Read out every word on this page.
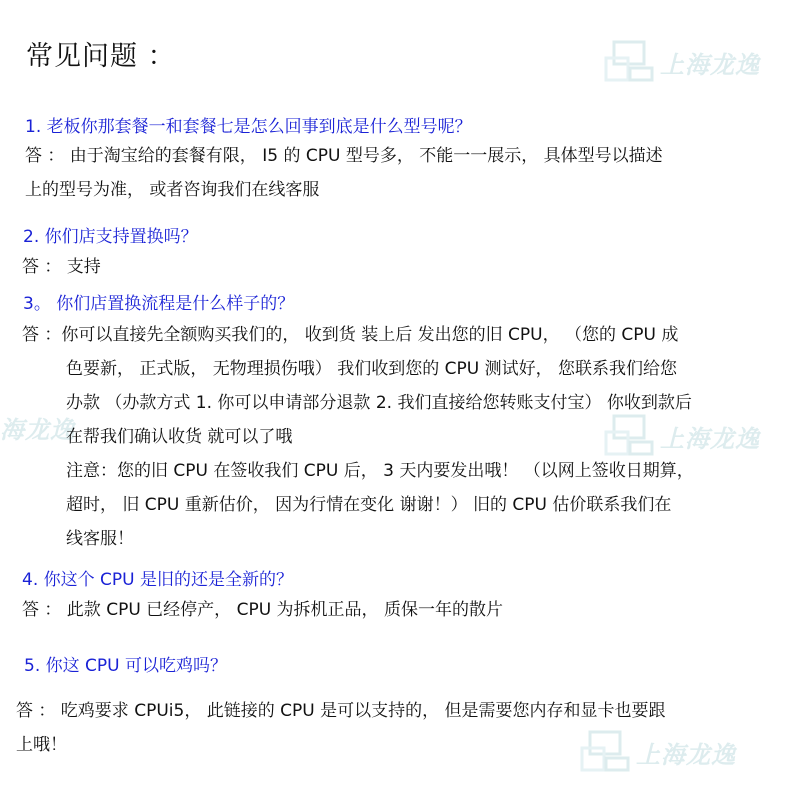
上海龙逸
海龙逸	上海龙逸
上海龙逸
常见问题 ：
1. 老板你那套餐一和套餐七是怎么回事到底是什么型号呢？
答 ： 由于淘宝给的套餐有限， I5 的 CPU 型号多， 不能一一展示， 具体型号以描述
上的型号为准， 或者咨询我们在线客服
2. 你们店支持置换吗？
答 ： 支持
3。 你们店置换流程是什么样子的？
答 ：你可以直接先全额购买我们的， 收到货 装上后 发出您的旧 CPU， （您的 CPU 成
色要新， 正式版， 无物理损伤哦） 我们收到您的 CPU 测试好， 您联系我们给您
办款 （办款方式 1. 你可以申请部分退款 2. 我们直接给您转账支付宝） 你收到款后
在帮我们确认收货 就可以了哦
注意：您的旧 CPU 在签收我们 CPU 后， 3 天内要发出哦！ （以网上签收日期算，
超时， 旧 CPU 重新估价， 因为行情在变化 谢谢！） 旧的 CPU 估价联系我们在
线客服！
4. 你这个 CPU 是旧的还是全新的？
答 ： 此款 CPU 已经停产， CPU 为拆机正品， 质保一年的散片
5. 你这 CPU 可以吃鸡吗？
答 ： 吃鸡要求 CPUi5， 此链接的 CPU 是可以支持的， 但是需要您内存和显卡也要跟
上哦！
